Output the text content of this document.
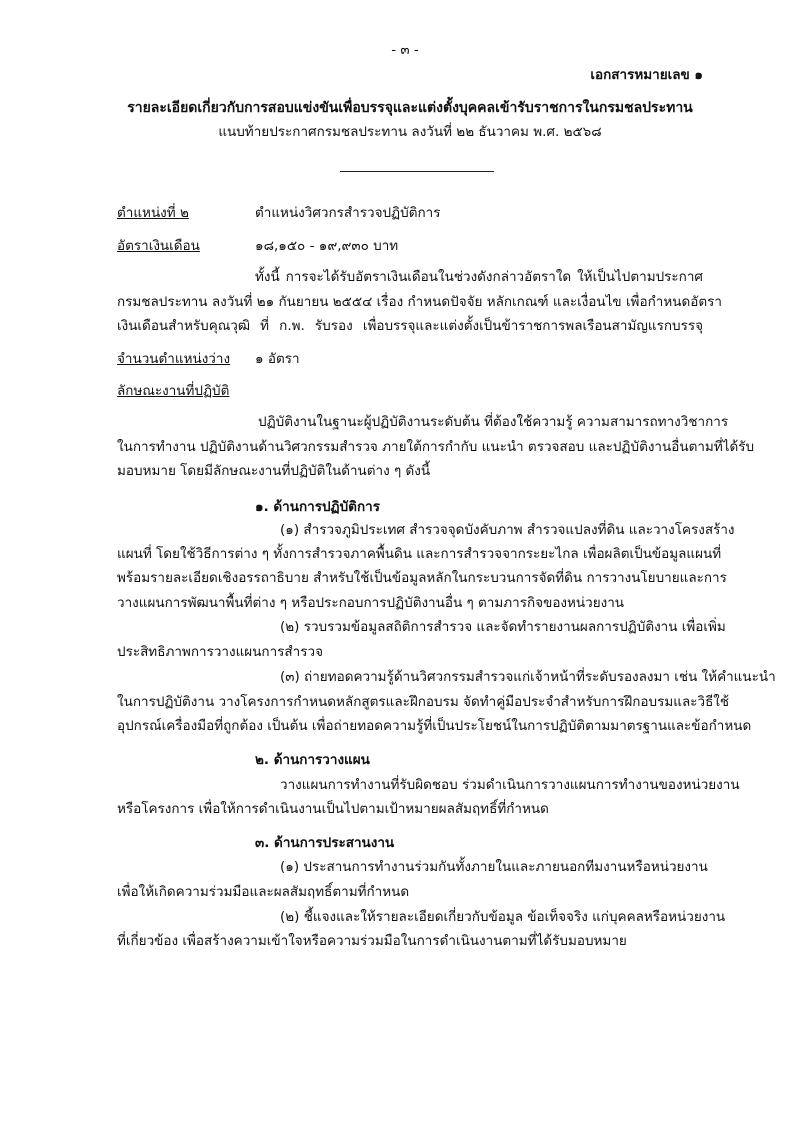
- ๓ -
เอกสารหมายเลข ๑
รายละเอียดเกี่ยวกับการสอบแข่งขันเพื่อบรรจุและแต่งตั้งบุคคลเข้ารับราชการในกรมชลประทาน
แนบท้ายประกาศกรมชลประทาน ลงวันที่ ๒๒ ธันวาคม พ.ศ. ๒๕๖๘
ตำแหน่งที่ ๒	ตำแหน่งวิศวกรสำรวจปฏิบัติการ
อัตราเงินเดือน	๑๘,๑๕๐ - ๑๙,๙๓๐ บาท
ทั้งนี้ การจะได้รับอัตราเงินเดือนในช่วงดังกล่าวอัตราใด ให้เป็นไปตามประกาศ
กรมชลประทาน ลงวันที่ ๒๑ กันยายน ๒๕๕๔ เรื่อง กำหนดปัจจัย หลักเกณฑ์ และเงื่อนไข เพื่อกำหนดอัตรา
เงินเดือนสำหรับคุณวุฒิ ที่ ก.พ. รับรอง เพื่อบรรจุและแต่งตั้งเป็นข้าราชการพลเรือนสามัญแรกบรรจุ
จำนวนตำแหน่งว่าง ๑ อัตรา
ลักษณะงานที่ปฏิบัติ
ปฏิบัติงานในฐานะผู้ปฏิบัติงานระดับต้น ที่ต้องใช้ความรู้ ความสามารถทางวิชาการ
ในการทำงาน ปฏิบัติงานด้านวิศวกรรมสำรวจ ภายใต้การกำกับ แนะนำ ตรวจสอบ และปฏิบัติงานอื่นตามที่ได้รับ
มอบหมาย โดยมีลักษณะงานที่ปฏิบัติในด้านต่าง ๆ ดังนี้
๑. ด้านการปฏิบัติการ
(๑) สำรวจภูมิประเทศ สำรวจจุดบังคับภาพ สำรวจแปลงที่ดิน และวางโครงสร้าง
แผนที่ โดยใช้วิธีการต่าง ๆ ทั้งการสำรวจภาคพื้นดิน และการสำรวจจากระยะไกล เพื่อผลิตเป็นข้อมูลแผนที่
พร้อมรายละเอียดเชิงอรรถาธิบาย สำหรับใช้เป็นข้อมูลหลักในกระบวนการจัดที่ดิน การวางนโยบายและการ
วางแผนการพัฒนาพื้นที่ต่าง ๆ หรือประกอบการปฏิบัติงานอื่น ๆ ตามภารกิจของหน่วยงาน
(๒) รวบรวมข้อมูลสถิติการสำรวจ และจัดทำรายงานผลการปฏิบัติงาน เพื่อเพิ่ม
ประสิทธิภาพการวางแผนการสำรวจ
(๓) ถ่ายทอดความรู้ด้านวิศวกรรมสำรวจแก่เจ้าหน้าที่ระดับรองลงมา เช่น ให้คำแนะนำ
ในการปฏิบัติงาน วางโครงการกำหนดหลักสูตรและฝึกอบรม จัดทำคู่มือประจำสำหรับการฝึกอบรมและวิธีใช้
อุปกรณ์เครื่องมือที่ถูกต้อง เป็นต้น เพื่อถ่ายทอดความรู้ที่เป็นประโยชน์ในการปฏิบัติตามมาตรฐานและข้อกำหนด
๒. ด้านการวางแผน
วางแผนการทำงานที่รับผิดชอบ ร่วมดำเนินการวางแผนการทำงานของหน่วยงาน
หรือโครงการ เพื่อให้การดำเนินงานเป็นไปตามเป้าหมายผลสัมฤทธิ์ที่กำหนด
๓. ด้านการประสานงาน
(๑) ประสานการทำงานร่วมกันทั้งภายในและภายนอกทีมงานหรือหน่วยงาน
เพื่อให้เกิดความร่วมมือและผลสัมฤทธิ์ตามที่กำหนด
(๒) ชี้แจงและให้รายละเอียดเกี่ยวกับข้อมูล ข้อเท็จจริง แก่บุคคลหรือหน่วยงาน
ที่เกี่ยวข้อง เพื่อสร้างความเข้าใจหรือความร่วมมือในการดำเนินงานตามที่ได้รับมอบหมาย
